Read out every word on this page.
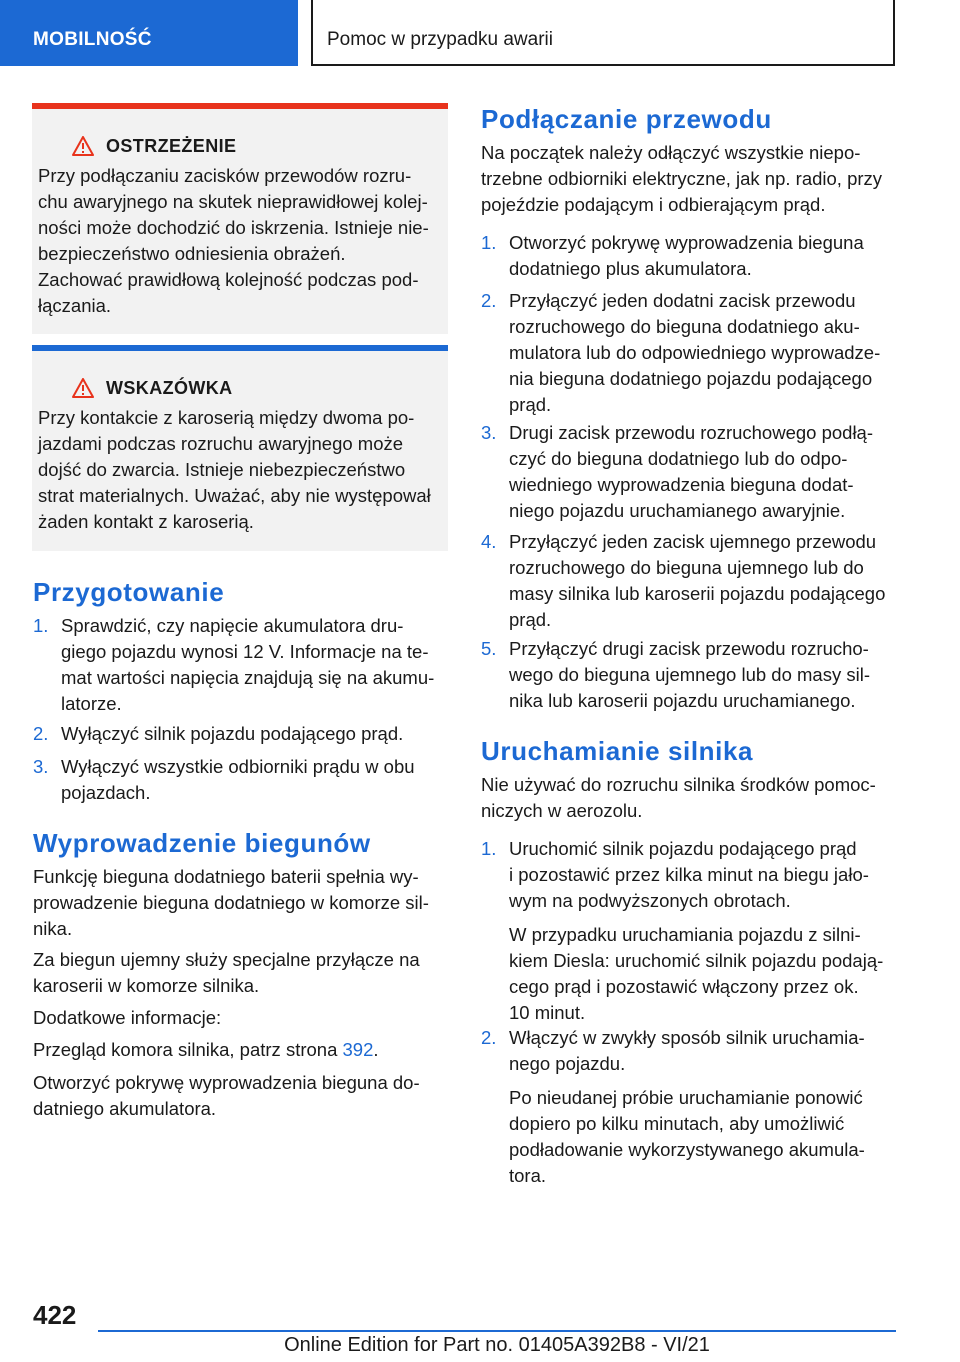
MOBILNOŚĆ	Pomoc w przypadku awarii
OSTRZEŻENIE
Przy podłączaniu zacisków przewodów rozru-
chu awaryjnego na skutek nieprawidłowej kolej-
ności może dochodzić do iskrzenia. Istnieje nie-
bezpieczeństwo odniesienia obrażeń.
Zachować prawidłową kolejność podczas pod-
łączania.
WSKAZÓWKA
Przy kontakcie z karoserią między dwoma po-
jazdami podczas rozruchu awaryjnego może
dojść do zwarcia. Istnieje niebezpieczeństwo
strat materialnych. Uważać, aby nie występował
żaden kontakt z karoserią.
Przygotowanie
1. Sprawdzić, czy napięcie akumulatora dru-
giego pojazdu wynosi 12 V. Informacje na te-
mat wartości napięcia znajdują się na akumu-
latorze.
2. Wyłączyć silnik pojazdu podającego prąd.
3. Wyłączyć wszystkie odbiorniki prądu w obu
pojazdach.
Wyprowadzenie biegunów

Funkcję bieguna dodatniego baterii spełnia wy-
prowadzenie bieguna dodatniego w komorze sil-
nika.

Za biegun ujemny służy specjalne przyłącze na
karoserii w komorze silnika.

Dodatkowe informacje:

Przegląd komora silnika, patrz strona 392.

Otworzyć pokrywę wyprowadzenia bieguna do-
datniego akumulatora.

Podłączanie przewodu

Na początek należy odłączyć wszystkie niepo-
trzebne odbiorniki elektryczne, jak np. radio, przy
pojeździe podającym i odbierającym prąd.

1. Otworzyć pokrywę wyprowadzenia bieguna
dodatniego plus akumulatora.
2. Przyłączyć jeden dodatni zacisk przewodu
rozruchowego do bieguna dodatniego aku-
mulatora lub do odpowiedniego wyprowadze-
nia bieguna dodatniego pojazdu podającego
prąd.
3. Drugi zacisk przewodu rozruchowego podłą-
czyć do bieguna dodatniego lub do odpo-
wiedniego wyprowadzenia bieguna dodat-
niego pojazdu uruchamianego awaryjnie.
4. Przyłączyć jeden zacisk ujemnego przewodu
rozruchowego do bieguna ujemnego lub do
masy silnika lub karoserii pojazdu podającego
prąd.
5. Przyłączyć drugi zacisk przewodu rozrucho-
wego do bieguna ujemnego lub do masy sil-
nika lub karoserii pojazdu uruchamianego.
Uruchamianie silnika

Nie używać do rozruchu silnika środków pomoc-
niczych w aerozolu.

1. Uruchomić silnik pojazdu podającego prąd
i pozostawić przez kilka minut na biegu jało-
wym na podwyższonych obrotach.
W przypadku uruchamiania pojazdu z silni-
kiem Diesla: uruchomić silnik pojazdu podają-
cego prąd i pozostawić włączony przez ok.
10 minut.
2. Włączyć w zwykły sposób silnik uruchamia-
nego pojazdu.
Po nieudanej próbie uruchamianie ponowić
dopiero po kilku minutach, aby umożliwić
podładowanie wykorzystywanego akumula-
tora.
422
Online Edition for Part no. 01405A392B8 - VI/21
